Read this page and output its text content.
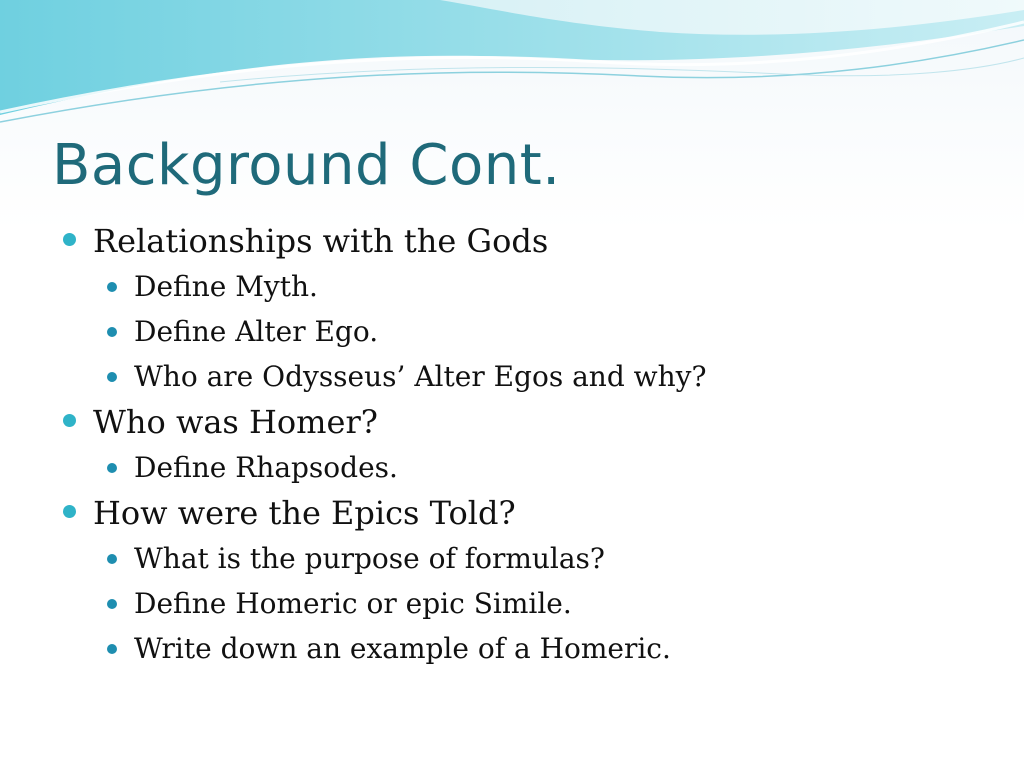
Background Cont.
Relationships with the Gods
Define Myth.
Define Alter Ego.
Who are Odysseus’ Alter Egos and why?
Who was Homer?
Define Rhapsodes.
How were the Epics Told?
What is the purpose of formulas?
Define Homeric or epic Simile.
Write down an example of a Homeric.
